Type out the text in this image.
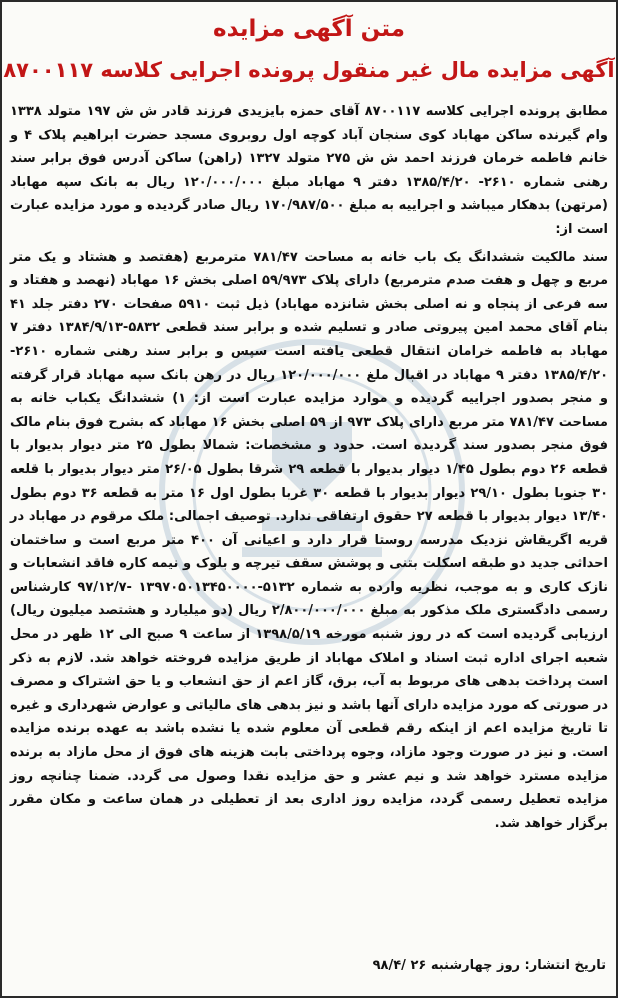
متن آگهی مزایده
آگهی مزایده مال غیر منقول پرونده اجرایی کلاسه ۸۷۰۰۱۱۷

مطابق پرونده اجرایی کلاسه ۸۷۰۰۱۱۷ آقای حمزه بایزیدی فرزند قادر ش ش ۱۹۷ متولد ۱۳۳۸ وام گیرنده ساکن مهاباد کوی سنجان آباد کوچه اول روبروی مسجد حضرت ابراهیم پلاک ۴ و خانم فاطمه خرمان فرزند احمد ش ش ۲۷۵ متولد ۱۳۲۷ (راهن) ساکن آدرس فوق برابر سند رهنی شماره ۲۶۱۰- ۱۳۸۵/۴/۲۰ دفتر ۹ مهاباد مبلغ ۱۲۰/۰۰۰/۰۰۰ ریال به بانک سپه مهاباد (مرتهن) بدهکار میباشد و اجراییه به مبلغ ۱۷۰/۹۸۷/۵۰۰ ریال صادر گردیده و مورد مزایده عبارت است از:

سند مالکیت ششدانگ یک باب خانه به مساحت ۷۸۱/۴۷ مترمربع (هفتصد و هشتاد و یک متر مربع و چهل و هفت صدم مترمربع) دارای پلاک ۵۹/۹۷۳ اصلی بخش ۱۶ مهاباد (نهصد و هفتاد و سه فرعی از پنجاه و نه اصلی بخش شانزده مهاباد) ذیل ثبت ۵۹۱۰ صفحات ۲۷۰ دفتر جلد ۴۱ بنام آقای محمد امین پیروتی صادر و تسلیم شده و برابر سند قطعی ۵۸۳۲-۱۳۸۴/۹/۱۳ دفتر ۷ مهاباد به فاطمه خرامان انتقال قطعی یافته است سپس و برابر سند رهنی شماره ۲۶۱۰- ۱۳۸۵/۴/۲۰ دفتر ۹ مهاباد در اقبال ملغ ۱۲۰/۰۰۰/۰۰۰ ریال در رهن بانک سپه مهاباد قرار گرفته و منجر بصدور اجراییه گردیده و موارد مزایده عبارت است از: ۱) ششدانگ یکباب خانه به مساحت ۷۸۱/۴۷ متر مربع دارای پلاک ۹۷۳ از ۵۹ اصلی بخش ۱۶ مهاباد که بشرح فوق بنام مالک فوق منجر بصدور سند گردیده است. حدود و مشخصات: شمالا بطول ۲۵ متر دیوار بدیوار با قطعه ۲۶ دوم بطول ۱/۴۵ دیوار بدیوار با قطعه ۲۹ شرقا بطول ۲۶/۰۵ متر دیوار بدیوار با قلعه ۳۰ جنوبا بطول ۲۹/۱۰ دیوار بدیوار با قطعه ۳۰ غربا بطول اول ۱۶ متر به قطعه ۳۶ دوم بطول ۱۳/۴۰ دیوار بدیوار با قطعه ۲۷ حقوق ارتفاقی ندارد. توصیف اجمالی: ملک مرقوم در مهاباد در قریه اگریقاش نزدیک مدرسه روستا قرار دارد و اعیانی آن ۴۰۰ متر مربع است و ساختمان احداثی جدید دو طبقه اسکلت بتنی و پوشش سقف تیرچه و بلوک و نیمه کاره فاقد انشعابات و نازک کاری و به موجب، نظریه وارده به شماره ۵۱۳۲-۱۳۹۷۰۵۰۱۳۴۵۰۰۰۰ -۹۷/۱۲/۷ کارشناس رسمی دادگستری ملک مذکور به مبلغ ۲/۸۰۰/۰۰۰/۰۰۰ ریال (دو میلیارد و هشتصد میلیون ریال) ارزیابی گردیده است که در روز شنبه مورخه ۱۳۹۸/۵/۱۹ از ساعت ۹ صبح الی ۱۲ ظهر در محل شعبه اجرای اداره ثبت اسناد و املاک مهاباد از طریق مزایده فروخته خواهد شد. لازم به ذکر است پرداخت بدهی های مربوط به آب، برق، گاز اعم از حق انشعاب و یا حق اشتراک و مصرف در صورتی که مورد مزایده دارای آنها باشد و نیز بدهی های مالیاتی و عوارض شهرداری و غیره تا تاریخ مزایده اعم از اینکه رقم قطعی آن معلوم شده یا نشده باشد به عهده برنده مزایده است. و نیز در صورت وجود مازاد، وجوه پرداختی بابت هزینه های فوق از محل مازاد به برنده مزایده مسترد خواهد شد و نیم عشر و حق مزایده نقدا وصول می گردد. ضمنا چنانچه روز مزایده تعطیل رسمی گردد، مزایده روز اداری بعد از تعطیلی در همان ساعت و مکان مقرر برگزار خواهد شد.

تاریخ انتشار: روز چهارشنبه ۲۶ /۹۸/۴
